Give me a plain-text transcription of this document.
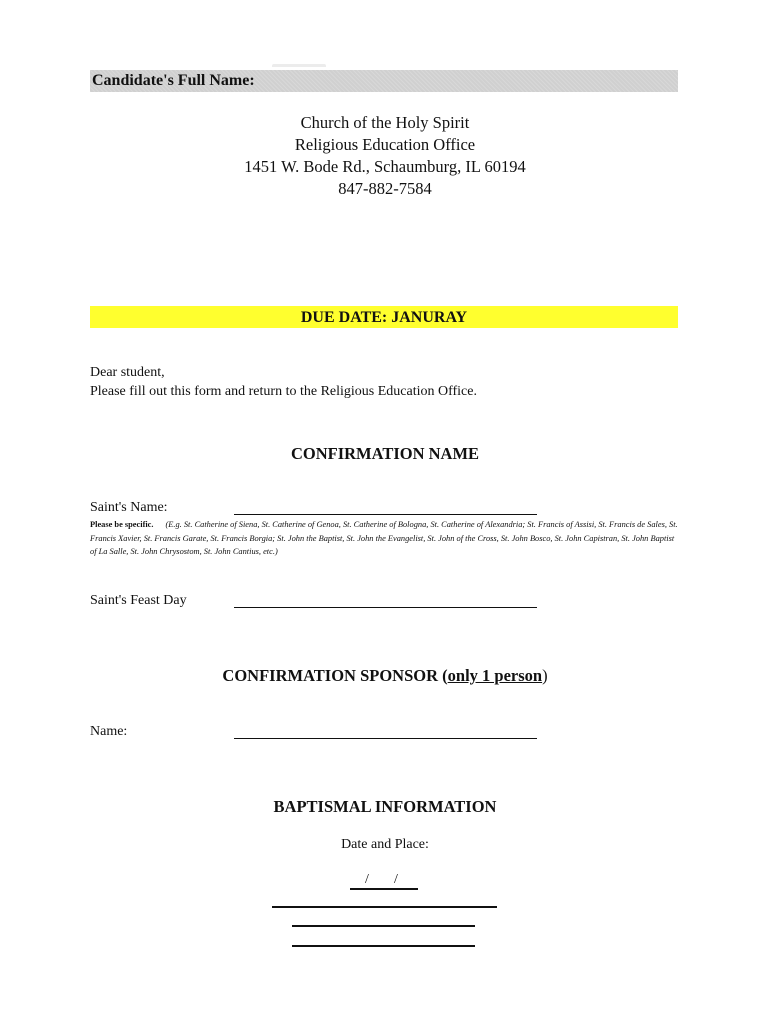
Candidate's Full Name:
Church of the Holy Spirit
Religious Education Office
1451 W. Bode Rd., Schaumburg, IL 60194
847-882-7584
DUE DATE: JANURAY
Dear student,
Please fill out this form and return to the Religious Education Office.
CONFIRMATION NAME
Saint's Name:
Please be specific. (E.g. St. Catherine of Siena, St. Catherine of Genoa, St. Catherine of Bologna, St. Catherine of Alexandria; St. Francis of Assisi, St. Francis de Sales, St. Francis Xavier, St. Francis Garate, St. Francis Borgia; St. John the Baptist, St. John the Evangelist, St. John of the Cross, St. John Bosco, St. John Capistran, St. John Baptist of La Salle, St. John Chrysostom, St. John Cantius, etc.)
Saint's Feast Day
CONFIRMATION SPONSOR (only 1 person)
Name:
BAPTISMAL INFORMATION
Date and Place:
/ /
